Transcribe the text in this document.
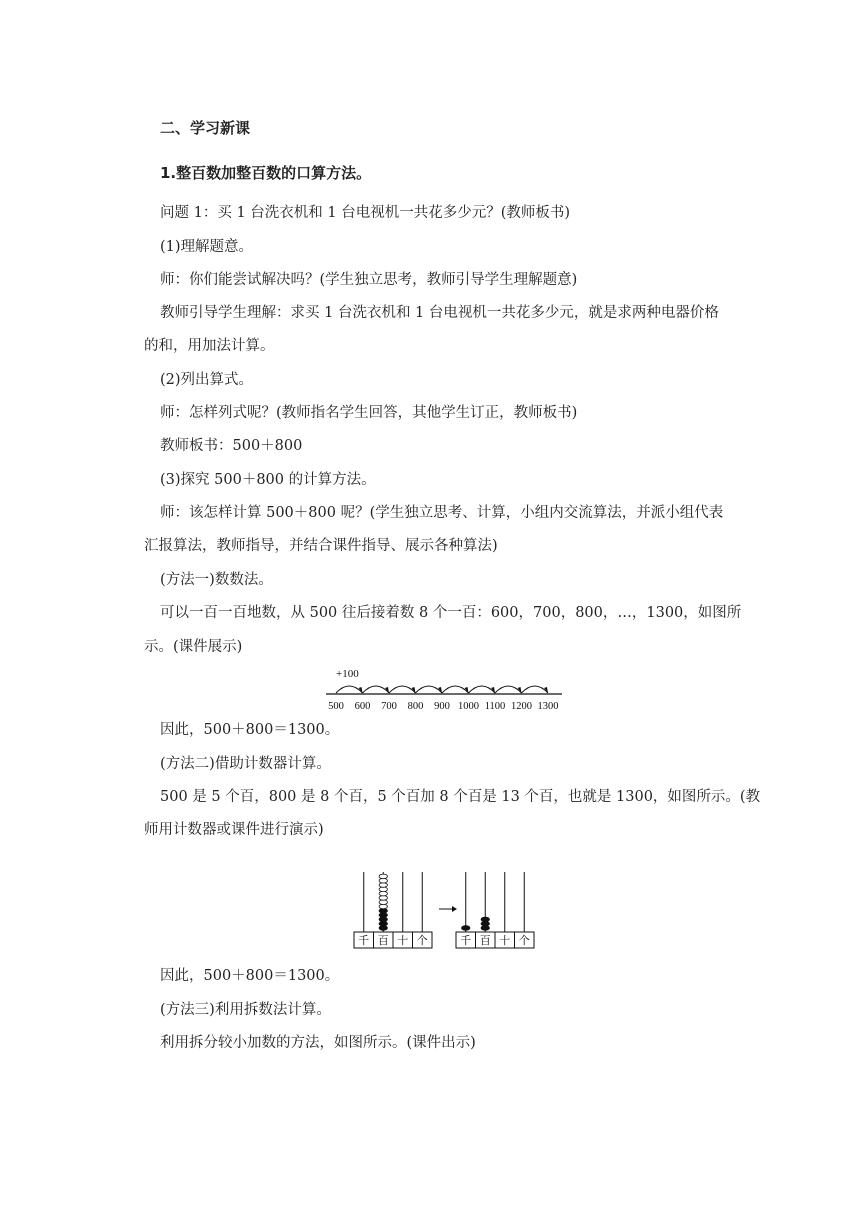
二、学习新课
1.整百数加整百数的口算方法。
问题 1：买 1 台洗衣机和 1 台电视机一共花多少元？(教师板书)
(1)理解题意。
师：你们能尝试解决吗？(学生独立思考，教师引导学生理解题意)
教师引导学生理解：求买 1 台洗衣机和 1 台电视机一共花多少元，就是求两种电器价格
的和，用加法计算。
(2)列出算式。
师：怎样列式呢？(教师指名学生回答，其他学生订正，教师板书)
教师板书：500＋800
(3)探究 500＋800 的计算方法。
师：该怎样计算 500＋800 呢？(学生独立思考、计算，小组内交流算法，并派小组代表
汇报算法，教师指导，并结合课件指导、展示各种算法)
(方法一)数数法。
可以一百一百地数，从 500 往后接着数 8 个一百：600，700，800，…，1300，如图所
示。(课件展示)
+100
500 600 700 800 900 1000 1100 1200 1300
因此，500＋800＝1300。
(方法二)借助计数器计算。
500 是 5 个百，800 是 8 个百，5 个百加 8 个百是 13 个百，也就是 1300，如图所示。(教
师用计数器或课件进行演示)
千 百 十 个	千 百 十 个
因此，500＋800＝1300。
(方法三)利用拆数法计算。
利用拆分较小加数的方法，如图所示。(课件出示)
